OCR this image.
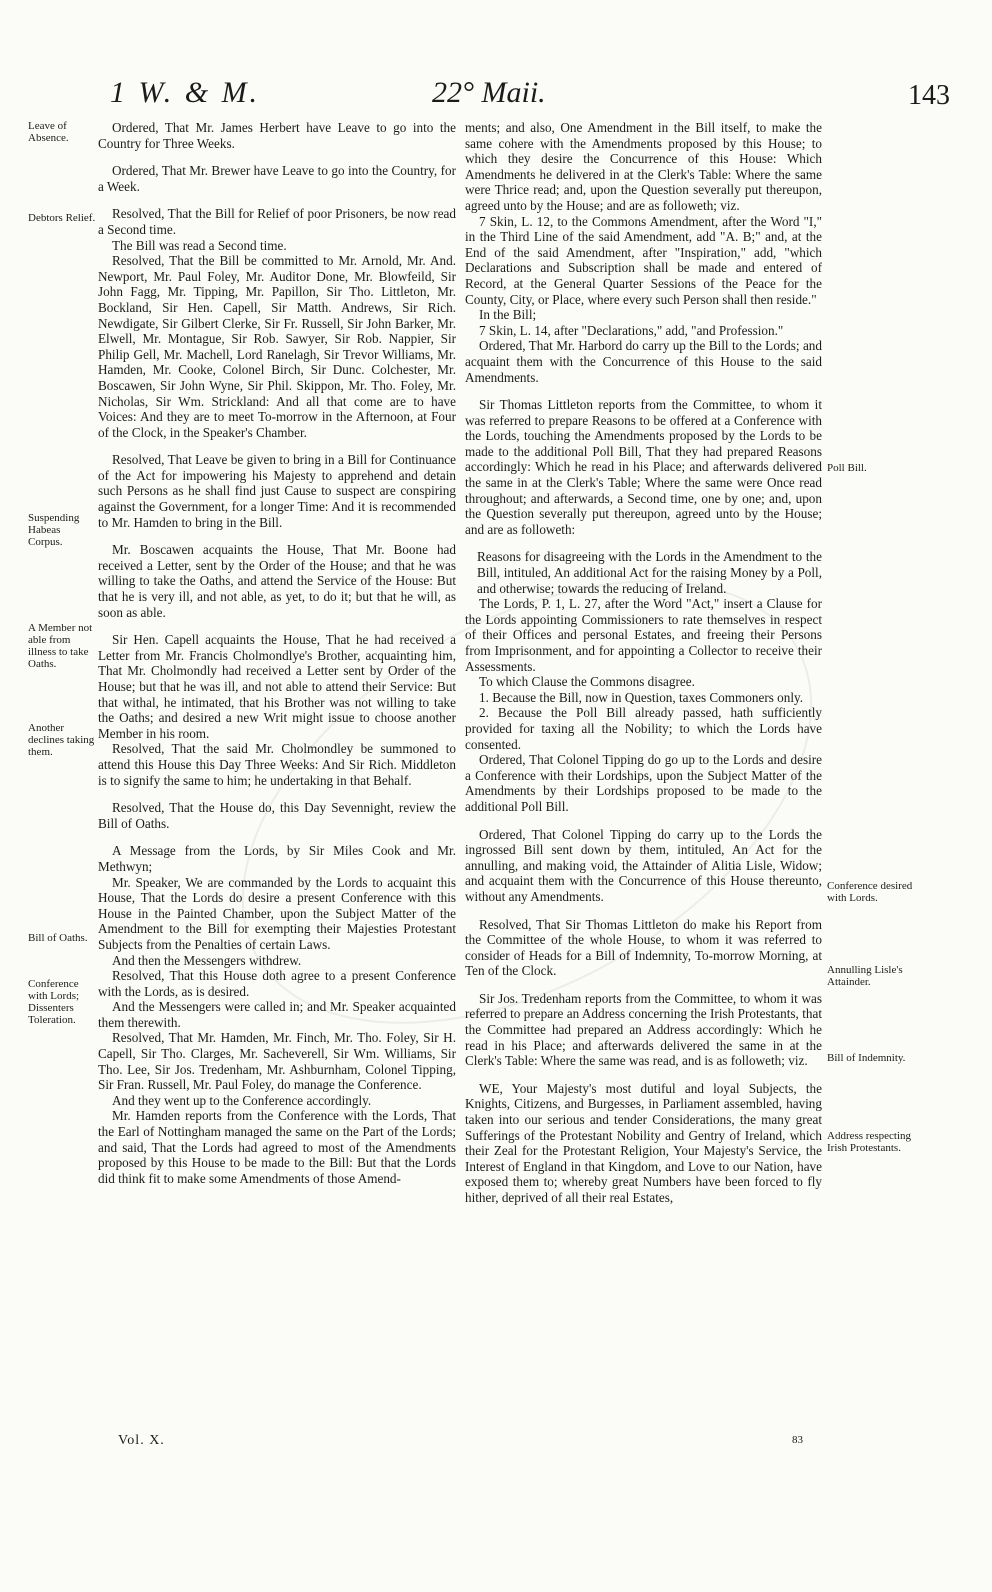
1 W. & M.	22° Maii.	143
Leave of Absence.
Debtors Relief.
Suspending Habeas Corpus.
A Member not able from illness to take Oaths.
Another declines taking them.
Bill of Oaths.
Conference with Lords; Dissenters Toleration.
Poll Bill.
Conference desired with Lords.
Annulling Lisle's Attainder.
Bill of Indemnity.
Address respecting Irish Protestants.

Ordered, That Mr. James Herbert have Leave to go into the Country for Three Weeks.

Ordered, That Mr. Brewer have Leave to go into the Country, for a Week.

Resolved, That the Bill for Relief of poor Prisoners, be now read a Second time.

The Bill was read a Second time.

Resolved, That the Bill be committed to Mr. Arnold, Mr. And. Newport, Mr. Paul Foley, Mr. Auditor Done, Mr. Blowfeild, Sir John Fagg, Mr. Tipping, Mr. Papillon, Sir Tho. Littleton, Mr. Bockland, Sir Hen. Capell, Sir Matth. Andrews, Sir Rich. Newdigate, Sir Gilbert Clerke, Sir Fr. Russell, Sir John Barker, Mr. Elwell, Mr. Montague, Sir Rob. Sawyer, Sir Rob. Nappier, Sir Philip Gell, Mr. Machell, Lord Ranelagh, Sir Trevor Williams, Mr. Hamden, Mr. Cooke, Colonel Birch, Sir Dunc. Colchester, Mr. Boscawen, Sir John Wyne, Sir Phil. Skippon, Mr. Tho. Foley, Mr. Nicholas, Sir Wm. Strickland: And all that come are to have Voices: And they are to meet To-morrow in the Afternoon, at Four of the Clock, in the Speaker's Chamber.

Resolved, That Leave be given to bring in a Bill for Continuance of the Act for impowering his Majesty to apprehend and detain such Persons as he shall find just Cause to suspect are conspiring against the Government, for a longer Time: And it is recommended to Mr. Hamden to bring in the Bill.

Mr. Boscawen acquaints the House, That Mr. Boone had received a Letter, sent by the Order of the House; and that he was willing to take the Oaths, and attend the Service of the House: But that he is very ill, and not able, as yet, to do it; but that he will, as soon as able.

Sir Hen. Capell acquaints the House, That he had received a Letter from Mr. Francis Cholmondlye's Brother, acquainting him, That Mr. Cholmondly had received a Letter sent by Order of the House; but that he was ill, and not able to attend their Service: But that withal, he intimated, that his Brother was not willing to take the Oaths; and desired a new Writ might issue to choose another Member in his room.

Resolved, That the said Mr. Cholmondley be summoned to attend this House this Day Three Weeks: And Sir Rich. Middleton is to signify the same to him; he undertaking in that Behalf.

Resolved, That the House do, this Day Sevennight, review the Bill of Oaths.

A Message from the Lords, by Sir Miles Cook and Mr. Methwyn;

Mr. Speaker, We are commanded by the Lords to acquaint this House, That the Lords do desire a present Conference with this House in the Painted Chamber, upon the Subject Matter of the Amendment to the Bill for exempting their Majesties Protestant Subjects from the Penalties of certain Laws.

And then the Messengers withdrew.

Resolved, That this House doth agree to a present Conference with the Lords, as is desired.

And the Messengers were called in; and Mr. Speaker acquainted them therewith.

Resolved, That Mr. Hamden, Mr. Finch, Mr. Tho. Foley, Sir H. Capell, Sir Tho. Clarges, Mr. Sacheverell, Sir Wm. Williams, Sir Tho. Lee, Sir Jos. Tredenham, Mr. Ashburnham, Colonel Tipping, Sir Fran. Russell, Mr. Paul Foley, do manage the Conference.

And they went up to the Conference accordingly.

Mr. Hamden reports from the Conference with the Lords, That the Earl of Nottingham managed the same on the Part of the Lords; and said, That the Lords had agreed to most of the Amendments proposed by this House to be made to the Bill: But that the Lords did think fit to make some Amendments of those Amend-

ments; and also, One Amendment in the Bill itself, to make the same cohere with the Amendments proposed by this House; to which they desire the Concurrence of this House: Which Amendments he delivered in at the Clerk's Table: Where the same were Thrice read; and, upon the Question severally put thereupon, agreed unto by the House; and are as followeth; viz.

7 Skin, L. 12, to the Commons Amendment, after the Word "I," in the Third Line of the said Amendment, add "A. B;" and, at the End of the said Amendment, after "Inspiration," add, "which Declarations and Subscription shall be made and entered of Record, at the General Quarter Sessions of the Peace for the County, City, or Place, where every such Person shall then reside."

In the Bill;

7 Skin, L. 14, after "Declarations," add, "and Profession."

Ordered, That Mr. Harbord do carry up the Bill to the Lords; and acquaint them with the Concurrence of this House to the said Amendments.

Sir Thomas Littleton reports from the Committee, to whom it was referred to prepare Reasons to be offered at a Conference with the Lords, touching the Amendments proposed by the Lords to be made to the additional Poll Bill, That they had prepared Reasons accordingly: Which he read in his Place; and afterwards delivered the same in at the Clerk's Table; Where the same were Once read throughout; and afterwards, a Second time, one by one; and, upon the Question severally put thereupon, agreed unto by the House; and are as followeth:

Reasons for disagreeing with the Lords in the Amendment to the Bill, intituled, An additional Act for the raising Money by a Poll, and otherwise; towards the reducing of Ireland.

The Lords, P. 1, L. 27, after the Word "Act," insert a Clause for the Lords appointing Commissioners to rate themselves in respect of their Offices and personal Estates, and freeing their Persons from Imprisonment, and for appointing a Collector to receive their Assessments.

To which Clause the Commons disagree.

1. Because the Bill, now in Question, taxes Commoners only.

2. Because the Poll Bill already passed, hath sufficiently provided for taxing all the Nobility; to which the Lords have consented.

Ordered, That Colonel Tipping do go up to the Lords and desire a Conference with their Lordships, upon the Subject Matter of the Amendments by their Lordships proposed to be made to the additional Poll Bill.

Ordered, That Colonel Tipping do carry up to the Lords the ingrossed Bill sent down by them, intituled, An Act for the annulling, and making void, the Attainder of Alitia Lisle, Widow; and acquaint them with the Concurrence of this House thereunto, without any Amendments.

Resolved, That Sir Thomas Littleton do make his Report from the Committee of the whole House, to whom it was referred to consider of Heads for a Bill of Indemnity, To-morrow Morning, at Ten of the Clock.

Sir Jos. Tredenham reports from the Committee, to whom it was referred to prepare an Address concerning the Irish Protestants, that the Committee had prepared an Address accordingly: Which he read in his Place; and afterwards delivered the same in at the Clerk's Table: Where the same was read, and is as followeth; viz.

WE, Your Majesty's most dutiful and loyal Subjects, the Knights, Citizens, and Burgesses, in Parliament assembled, having taken into our serious and tender Considerations, the many great Sufferings of the Protestant Nobility and Gentry of Ireland, which their Zeal for the Protestant Religion, Your Majesty's Service, the Interest of England in that Kingdom, and Love to our Nation, have exposed them to; whereby great Numbers have been forced to fly hither, deprived of all their real Estates,

Vol. X.	83
